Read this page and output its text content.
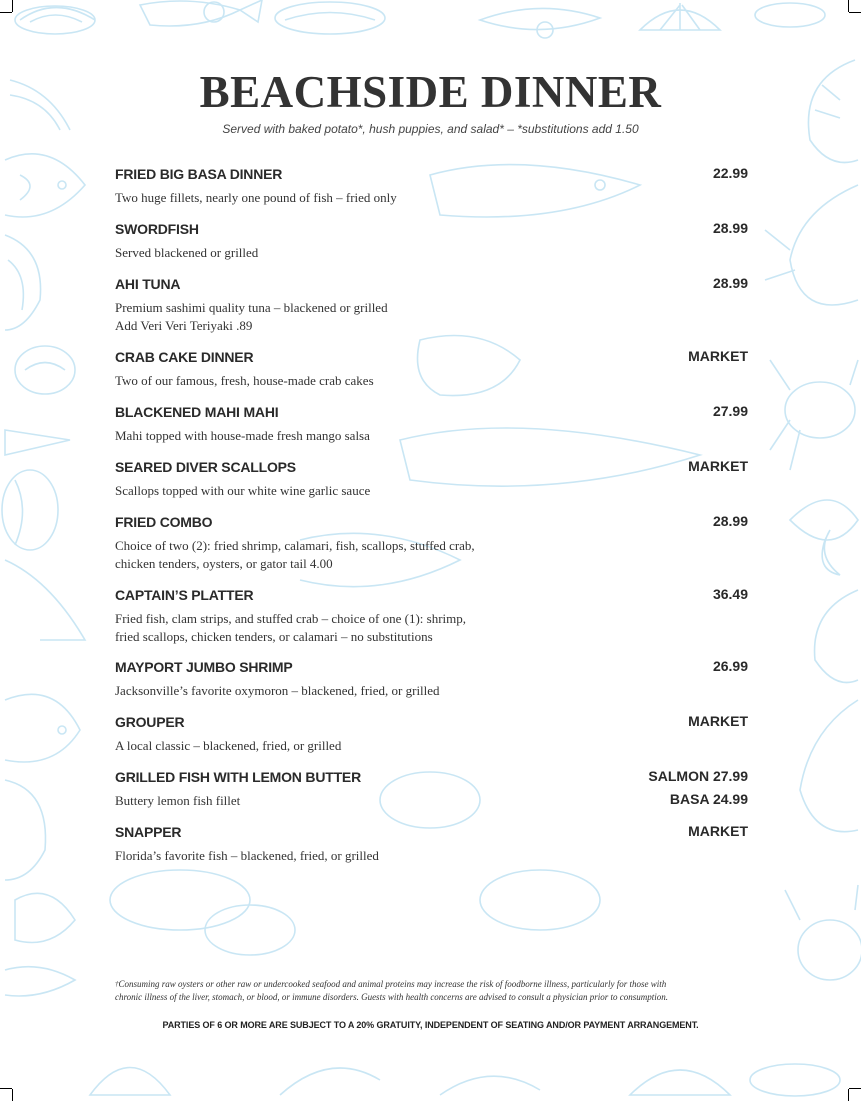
BEACHSIDE DINNER
Served with baked potato*, hush puppies, and salad* – *substitutions add 1.50
FRIED BIG BASA DINNER	22.99
Two huge fillets, nearly one pound of fish – fried only
SWORDFISH	28.99
Served blackened or grilled
AHI TUNA	28.99
Premium sashimi quality tuna – blackened or grilled
Add Veri Veri Teriyaki .89
CRAB CAKE DINNER	MARKET
Two of our famous, fresh, house-made crab cakes
BLACKENED MAHI MAHI	27.99
Mahi topped with house-made fresh mango salsa
SEARED DIVER SCALLOPS	MARKET
Scallops topped with our white wine garlic sauce
FRIED COMBO	28.99
Choice of two (2): fried shrimp, calamari, fish, scallops, stuffed crab,
chicken tenders, oysters, or gator tail 4.00
CAPTAIN’S PLATTER	36.49
Fried fish, clam strips, and stuffed crab – choice of one (1): shrimp,
fried scallops, chicken tenders, or calamari – no substitutions
MAYPORT JUMBO SHRIMP	26.99
Jacksonville’s favorite oxymoron – blackened, fried, or grilled
GROUPER	MARKET
A local classic – blackened, fried, or grilled
GRILLED FISH WITH LEMON BUTTER	SALMON 27.99
BASA 24.99
Buttery lemon fish fillet
SNAPPER	MARKET
Florida’s favorite fish – blackened, fried, or grilled
†Consuming raw oysters or other raw or undercooked seafood and animal proteins may increase the risk of foodborne illness, particularly for those with
chronic illness of the liver, stomach, or blood, or immune disorders. Guests with health concerns are advised to consult a physician prior to consumption.
PARTIES OF 6 OR MORE ARE SUBJECT TO A 20% GRATUITY, INDEPENDENT OF SEATING AND/OR PAYMENT ARRANGEMENT.
